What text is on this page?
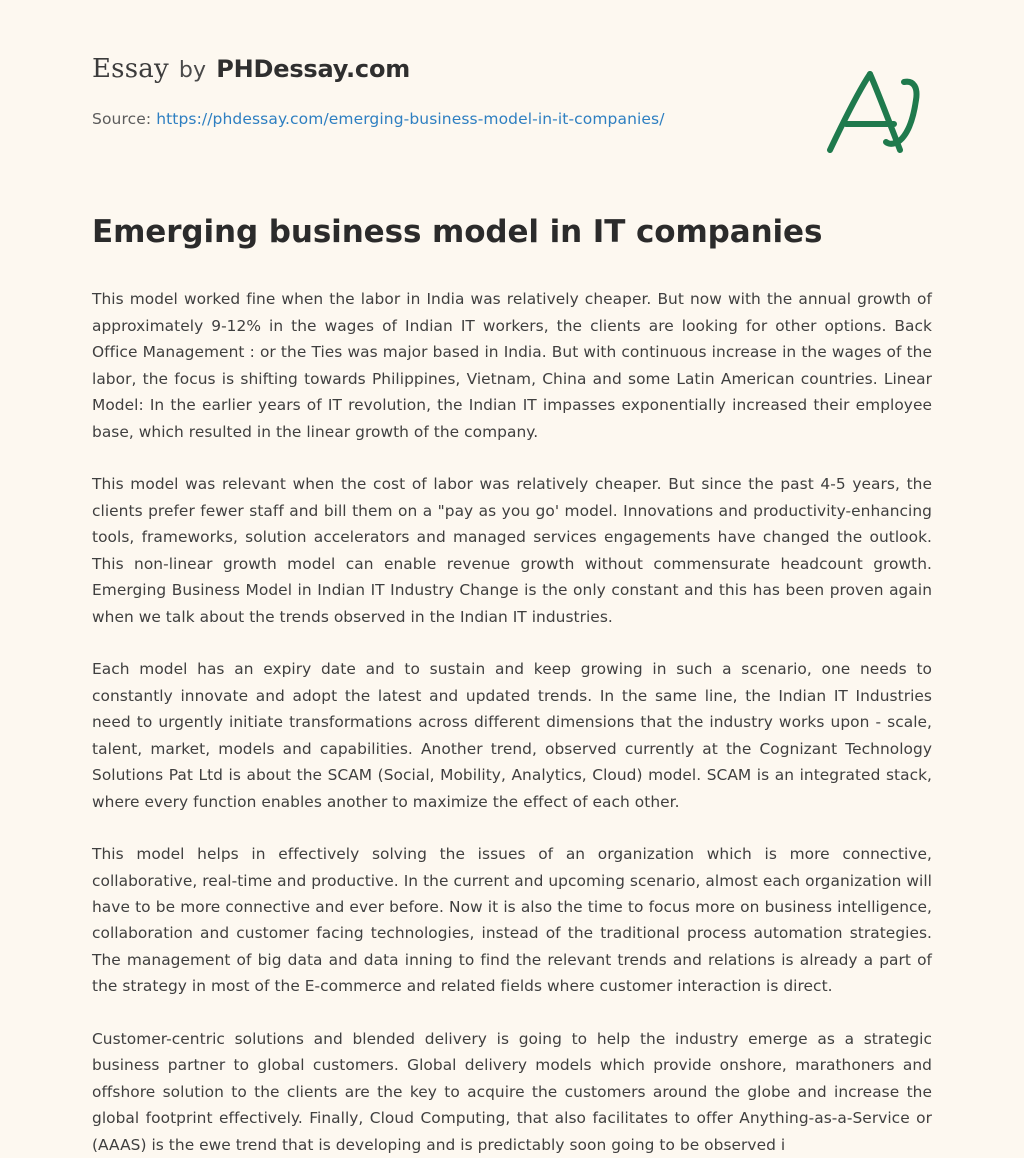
Essay by PHDessay.com
Source: https://phdessay.com/emerging-business-model-in-it-companies/
Emerging business model in IT companies

This model worked fine when the labor in India was relatively cheaper. But now with the annual growth of approximately 9-12% in the wages of Indian IT workers, the clients are looking for other options. Back Office Management : or the Ties was major based in India. But with continuous increase in the wages of the labor, the focus is shifting towards Philippines, Vietnam, China and some Latin American countries. Linear Model: In the earlier years of IT revolution, the Indian IT impasses exponentially increased their employee base, which resulted in the linear growth of the company.

This model was relevant when the cost of labor was relatively cheaper. But since the past 4-5 years, the clients prefer fewer staff and bill them on a "pay as you go' model. Innovations and productivity-enhancing tools, frameworks, solution accelerators and managed services engagements have changed the outlook. This non-linear growth model can enable revenue growth without commensurate headcount growth. Emerging Business Model in Indian IT Industry Change is the only constant and this has been proven again when we talk about the trends observed in the Indian IT industries.

Each model has an expiry date and to sustain and keep growing in such a scenario, one needs to constantly innovate and adopt the latest and updated trends. In the same line, the Indian IT Industries need to urgently initiate transformations across different dimensions that the industry works upon - scale, talent, market, models and capabilities. Another trend, observed currently at the Cognizant Technology Solutions Pat Ltd is about the SCAM (Social, Mobility, Analytics, Cloud) model. SCAM is an integrated stack, where every function enables another to maximize the effect of each other.

This model helps in effectively solving the issues of an organization which is more connective, collaborative, real-time and productive. In the current and upcoming scenario, almost each organization will have to be more connective and ever before. Now it is also the time to focus more on business intelligence, collaboration and customer facing technologies, instead of the traditional process automation strategies. The management of big data and data inning to find the relevant trends and relations is already a part of the strategy in most of the E-commerce and related fields where customer interaction is direct.

Customer-centric solutions and blended delivery is going to help the industry emerge as a strategic business partner to global customers. Global delivery models which provide onshore, marathoners and offshore solution to the clients are the key to acquire the customers around the globe and increase the global footprint effectively. Finally, Cloud Computing, that also facilitates to offer Anything-as-a-Service or (AAAS) is the ewe trend that is developing and is predictably soon going to be observed i
